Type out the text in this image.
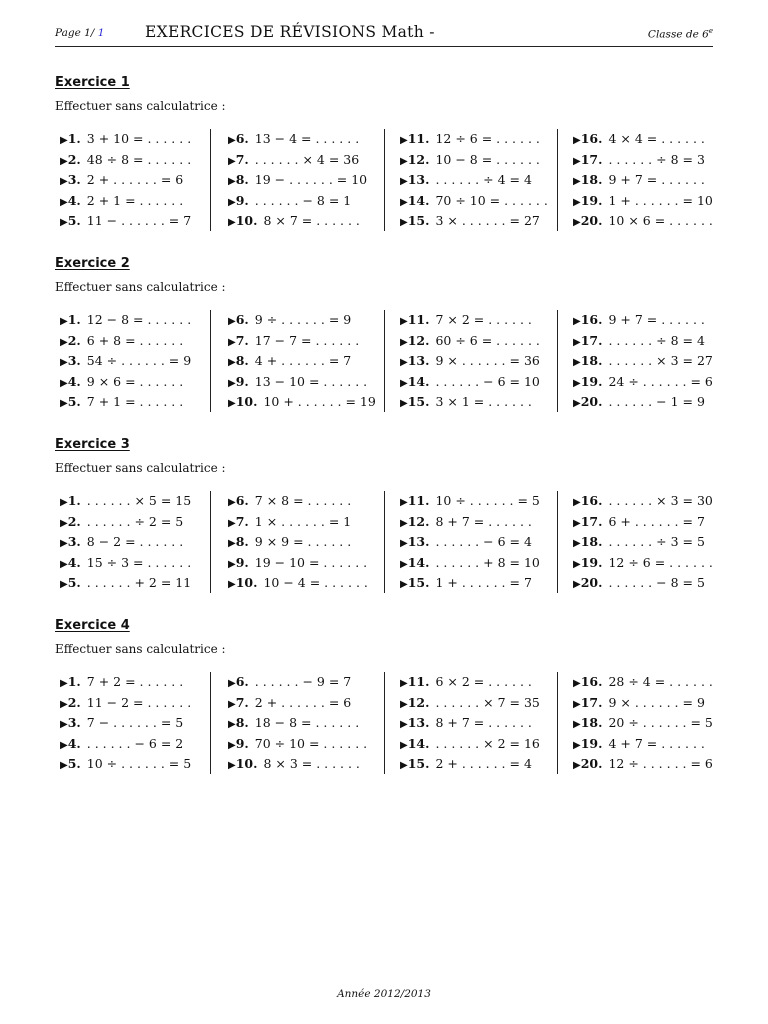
Page 1/ 1	EXERCICES DE RÉVISIONS Math -	Classe de 6e
Exercice 1
Effectuer sans calculatrice :
▶1. 3 + 10 = . . . . . .
▶2. 48 ÷ 8 = . . . . . .
▶3. 2 + . . . . . . = 6
▶4. 2 + 1 = . . . . . .
▶5. 11 − . . . . . . = 7
▶6. 13 − 4 = . . . . . .
▶7. . . . . . . × 4 = 36
▶8. 19 − . . . . . . = 10
▶9. . . . . . . − 8 = 1
▶10. 8 × 7 = . . . . . .
▶11. 12 ÷ 6 = . . . . . .
▶12. 10 − 8 = . . . . . .
▶13. . . . . . . ÷ 4 = 4
▶14. 70 ÷ 10 = . . . . . .
▶15. 3 × . . . . . . = 27
▶16. 4 × 4 = . . . . . .
▶17. . . . . . . ÷ 8 = 3
▶18. 9 + 7 = . . . . . .
▶19. 1 + . . . . . . = 10
▶20. 10 × 6 = . . . . . .
Exercice 2
Effectuer sans calculatrice :
▶1. 12 − 8 = . . . . . .
▶2. 6 + 8 = . . . . . .
▶3. 54 ÷ . . . . . . = 9
▶4. 9 × 6 = . . . . . .
▶5. 7 + 1 = . . . . . .
▶6. 9 ÷ . . . . . . = 9
▶7. 17 − 7 = . . . . . .
▶8. 4 + . . . . . . = 7
▶9. 13 − 10 = . . . . . .
▶10. 10 + . . . . . . = 19
▶11. 7 × 2 = . . . . . .
▶12. 60 ÷ 6 = . . . . . .
▶13. 9 × . . . . . . = 36
▶14. . . . . . . − 6 = 10
▶15. 3 × 1 = . . . . . .
▶16. 9 + 7 = . . . . . .
▶17. . . . . . . ÷ 8 = 4
▶18. . . . . . . × 3 = 27
▶19. 24 ÷ . . . . . . = 6
▶20. . . . . . . − 1 = 9
Exercice 3
Effectuer sans calculatrice :
▶1. . . . . . . × 5 = 15
▶2. . . . . . . ÷ 2 = 5
▶3. 8 − 2 = . . . . . .
▶4. 15 ÷ 3 = . . . . . .
▶5. . . . . . . + 2 = 11
▶6. 7 × 8 = . . . . . .
▶7. 1 × . . . . . . = 1
▶8. 9 × 9 = . . . . . .
▶9. 19 − 10 = . . . . . .
▶10. 10 − 4 = . . . . . .
▶11. 10 ÷ . . . . . . = 5
▶12. 8 + 7 = . . . . . .
▶13. . . . . . . − 6 = 4
▶14. . . . . . . + 8 = 10
▶15. 1 + . . . . . . = 7
▶16. . . . . . . × 3 = 30
▶17. 6 + . . . . . . = 7
▶18. . . . . . . ÷ 3 = 5
▶19. 12 ÷ 6 = . . . . . .
▶20. . . . . . . − 8 = 5
Exercice 4
Effectuer sans calculatrice :
▶1. 7 + 2 = . . . . . .
▶2. 11 − 2 = . . . . . .
▶3. 7 − . . . . . . = 5
▶4. . . . . . . − 6 = 2
▶5. 10 ÷ . . . . . . = 5
▶6. . . . . . . − 9 = 7
▶7. 2 + . . . . . . = 6
▶8. 18 − 8 = . . . . . .
▶9. 70 ÷ 10 = . . . . . .
▶10. 8 × 3 = . . . . . .
▶11. 6 × 2 = . . . . . .
▶12. . . . . . . × 7 = 35
▶13. 8 + 7 = . . . . . .
▶14. . . . . . . × 2 = 16
▶15. 2 + . . . . . . = 4
▶16. 28 ÷ 4 = . . . . . .
▶17. 9 × . . . . . . = 9
▶18. 20 ÷ . . . . . . = 5
▶19. 4 + 7 = . . . . . .
▶20. 12 ÷ . . . . . . = 6
Année 2012/2013
